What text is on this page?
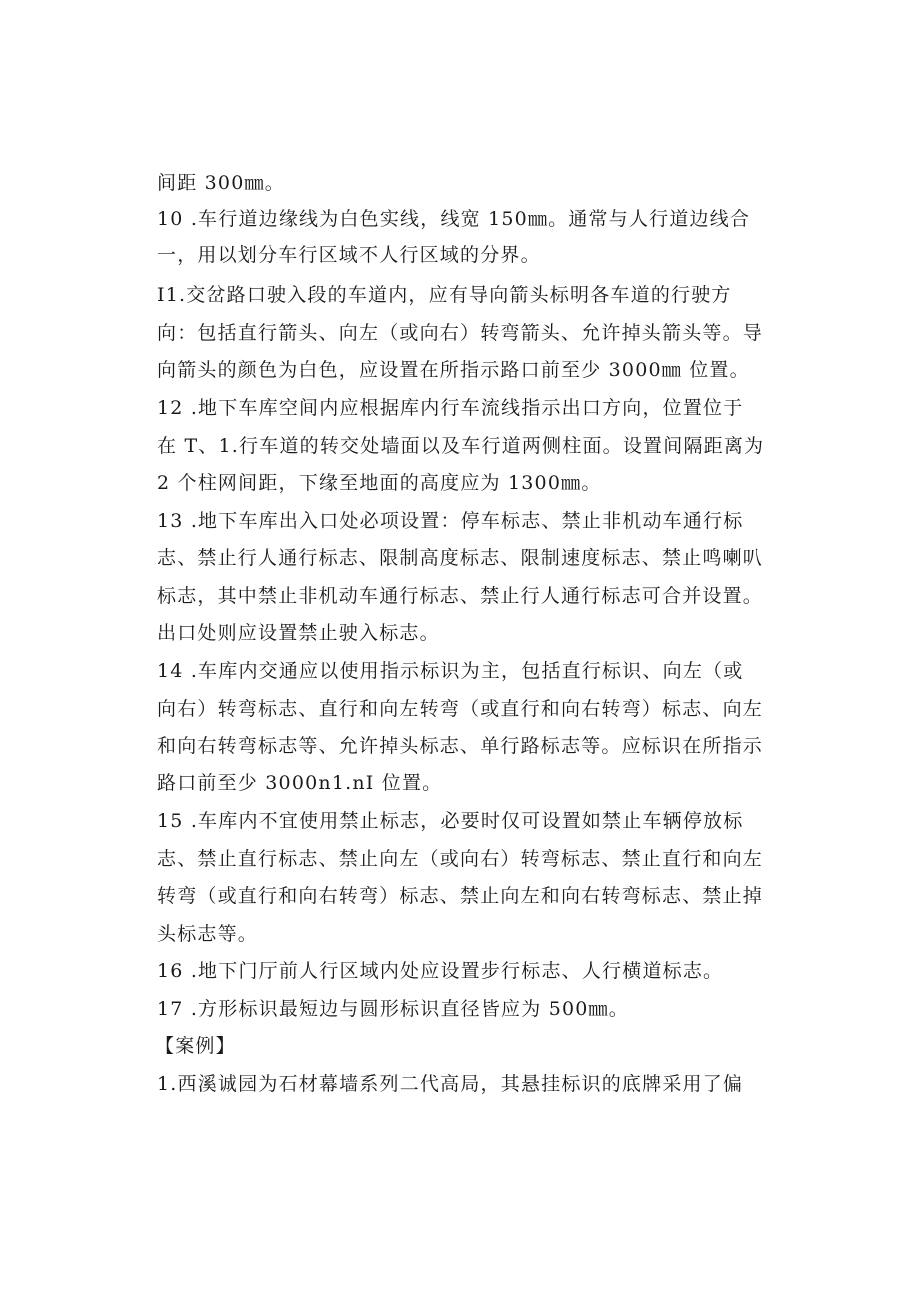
间距 300㎜。
10 .车行道边缘线为白色实线，线宽 150㎜。通常与人行道边线合
一，用以划分车行区域不人行区域的分界。
I1.交岔路口驶入段的车道内，应有导向箭头标明各车道的行驶方
向：包括直行箭头、向左（或向右）转弯箭头、允许掉头箭头等。导
向箭头的颜色为白色，应设置在所指示路口前至少 3000㎜ 位置。
12 .地下车库空间内应根据库内行车流线指示出口方向，位置位于
在 T、1.行车道的转交处墙面以及车行道两侧柱面。设置间隔距离为
2 个柱网间距，下缘至地面的高度应为 1300㎜。
13 .地下车库出入口处必项设置：停车标志、禁止非机动车通行标
志、禁止行人通行标志、限制高度标志、限制速度标志、禁止鸣喇叭
标志，其中禁止非机动车通行标志、禁止行人通行标志可合并设置。
出口处则应设置禁止驶入标志。
14 .车库内交通应以使用指示标识为主，包括直行标识、向左（或
向右）转弯标志、直行和向左转弯（或直行和向右转弯）标志、向左
和向右转弯标志等、允许掉头标志、单行路标志等。应标识在所指示
路口前至少 3000n1.nI 位置。
15 .车库内不宜使用禁止标志，必要时仅可设置如禁止车辆停放标
志、禁止直行标志、禁止向左（或向右）转弯标志、禁止直行和向左
转弯（或直行和向右转弯）标志、禁止向左和向右转弯标志、禁止掉
头标志等。
16 .地下门厅前人行区域内处应设置步行标志、人行横道标志。
17 .方形标识最短边与圆形标识直径皆应为 500㎜。
【案例】
1.西溪诚园为石材幕墙系列二代高局，其悬挂标识的底牌采用了偏
